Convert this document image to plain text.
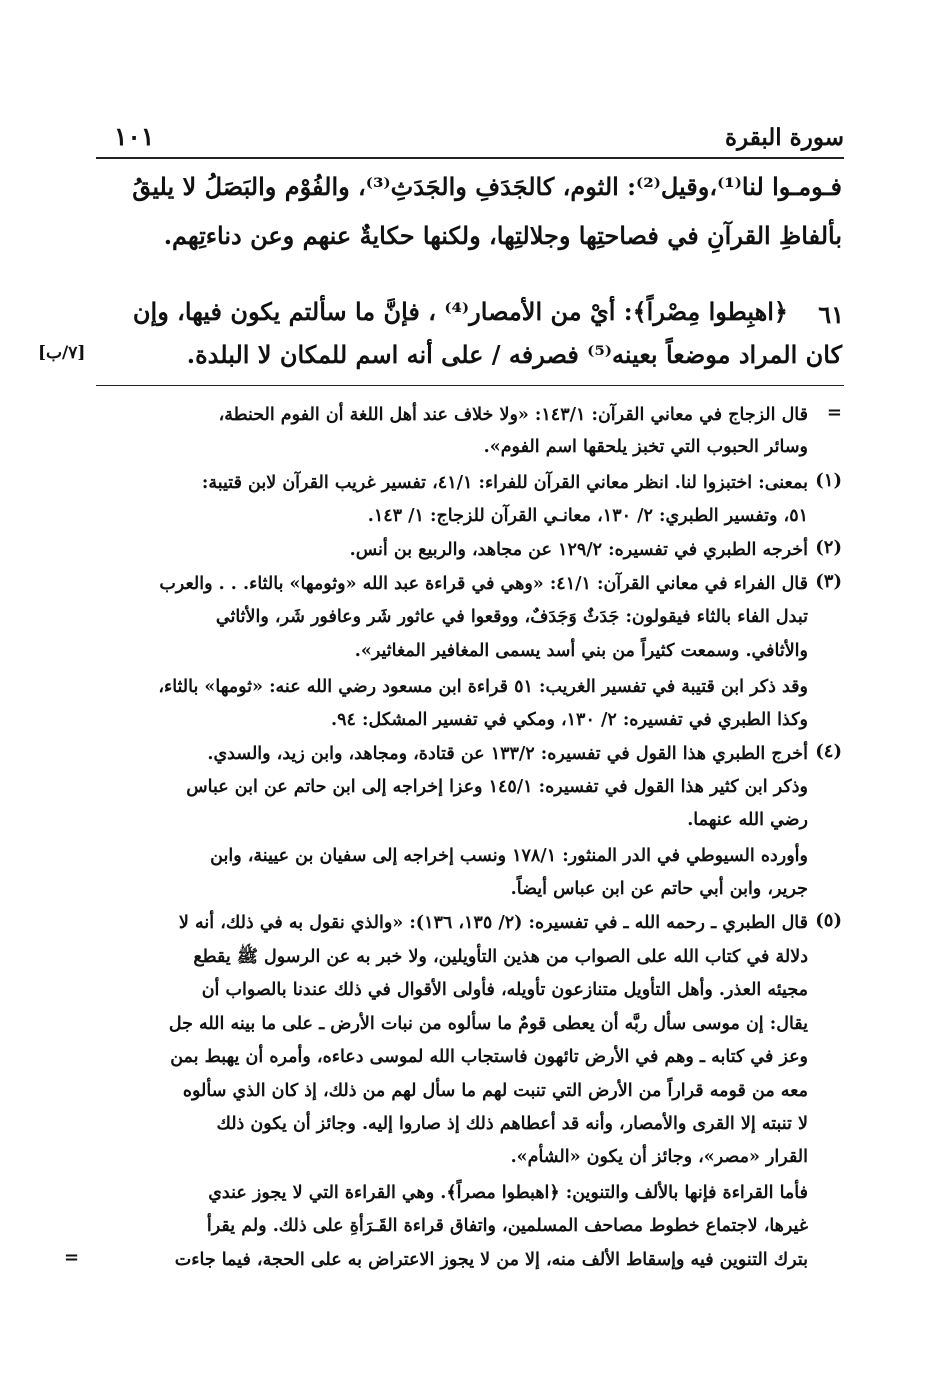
سورة البقرة
١٠١
فـومـوا لنا⁽¹⁾،وقيل⁽²⁾: الثوم، كالجَدَفِ والجَدَثِ⁽³⁾، والفُوْم والبَصَلُ لا يليقُ
بألفاظِ القرآنِ في فصاحتِها وجلالتِها، ولكنها حكايةٌ عنهم وعن دناءتِهم.
٦١
﴿اهبِطوا مِصْراً﴾: أيْ من الأمصار⁽⁴⁾ ، فإنَّ ما سألتم يكون فيها، وإن
كان المراد موضعاً بعينه⁽⁵⁾ فصرفه / على أنه اسم للمكان لا البلدة.
[٧/ب]
=
قال الزجاج في معاني القرآن: ١٤٣/١: «ولا خلاف عند أهل اللغة أن الفوم الحنطة،
وسائر الحبوب التي تخبز يلحقها اسم الفوم».
(١)
بمعنى: اختبزوا لنا. انظر معاني القرآن للفراء: ٤١/١، تفسير غريب القرآن لابن قتيبة:
٥١، وتفسير الطبري: ٢/ ١٣٠، معانـي القرآن للزجاج: ١/ ١٤٣.
(٢)
أخرجه الطبري في تفسيره: ١٢٩/٢ عن مجاهد، والربيع بن أنس.
(٣)
قال الفراء في معاني القرآن: ٤١/١: «وهي في قراءة عبد الله «وثومها» بالثاء. . . والعرب
تبدل الفاء بالثاء فيقولون: جَدَثٌ وَجَدَفٌ، ووقعوا في عاثور شَر وعافور شَر، والأثاثي
والأثافي. وسمعت كثيراً من بني أسد يسمى المغافير المغاثير».
وقد ذكر ابن قتيبة في تفسير الغريب: ٥١ قراءة ابن مسعود رضي الله عنه: «ثومها» بالثاء،
وكذا الطبري في تفسيره: ٢/ ١٣٠، ومكي في تفسير المشكل: ٩٤.
(٤)
أخرج الطبري هذا القول في تفسيره: ١٣٣/٢ عن قتادة، ومجاهد، وابن زيد، والسدي.
وذكر ابن كثير هذا القول في تفسيره: ١٤٥/١ وعزا إخراجه إلى ابن حاتم عن ابن عباس
رضي الله عنهما.
وأورده السيوطي في الدر المنثور: ١٧٨/١ ونسب إخراجه إلى سفيان بن عيينة، وابن
جرير، وابن أبي حاتم عن ابن عباس أيضاً.
(٥)
قال الطبري ـ رحمه الله ـ في تفسيره: (٢/ ١٣٥، ١٣٦): «والذي نقول به في ذلك، أنه لا
دلالة في كتاب الله على الصواب من هذين التأويلين، ولا خبر به عن الرسول ﷺ يقطع
مجيئه العذر. وأهل التأويل متنازعون تأويله، فأولى الأقوال في ذلك عندنا بالصواب أن
يقال: إن موسى سأل ربَّه أن يعطى قومٌ ما سألوه من نبات الأرض ـ على ما بينه الله جل
وعز في كتابه ـ وهم في الأرض تائهون فاستجاب الله لموسى دعاءه، وأمره أن يهبط بمن
معه من قومه قراراً من الأرض التي تنبت لهم ما سأل لهم من ذلك، إذ كان الذي سألوه
لا تنبته إلا القرى والأمصار، وأنه قد أعطاهم ذلك إذ صاروا إليه. وجائز أن يكون ذلك
القرار «مصر»، وجائز أن يكون «الشأم».
فأما القراءة فإنها بالألف والتنوين: ﴿اهبطوا مصراً﴾. وهي القراءة التي لا يجوز عندي
غيرها، لاجتماع خطوط مصاحف المسلمين، واتفاق قراءة القَـرَأةِ على ذلك. ولم يقرأ
بترك التنوين فيه وإسقاط الألف منه، إلا من لا يجوز الاعتراض به على الحجة، فيما جاءت
=
